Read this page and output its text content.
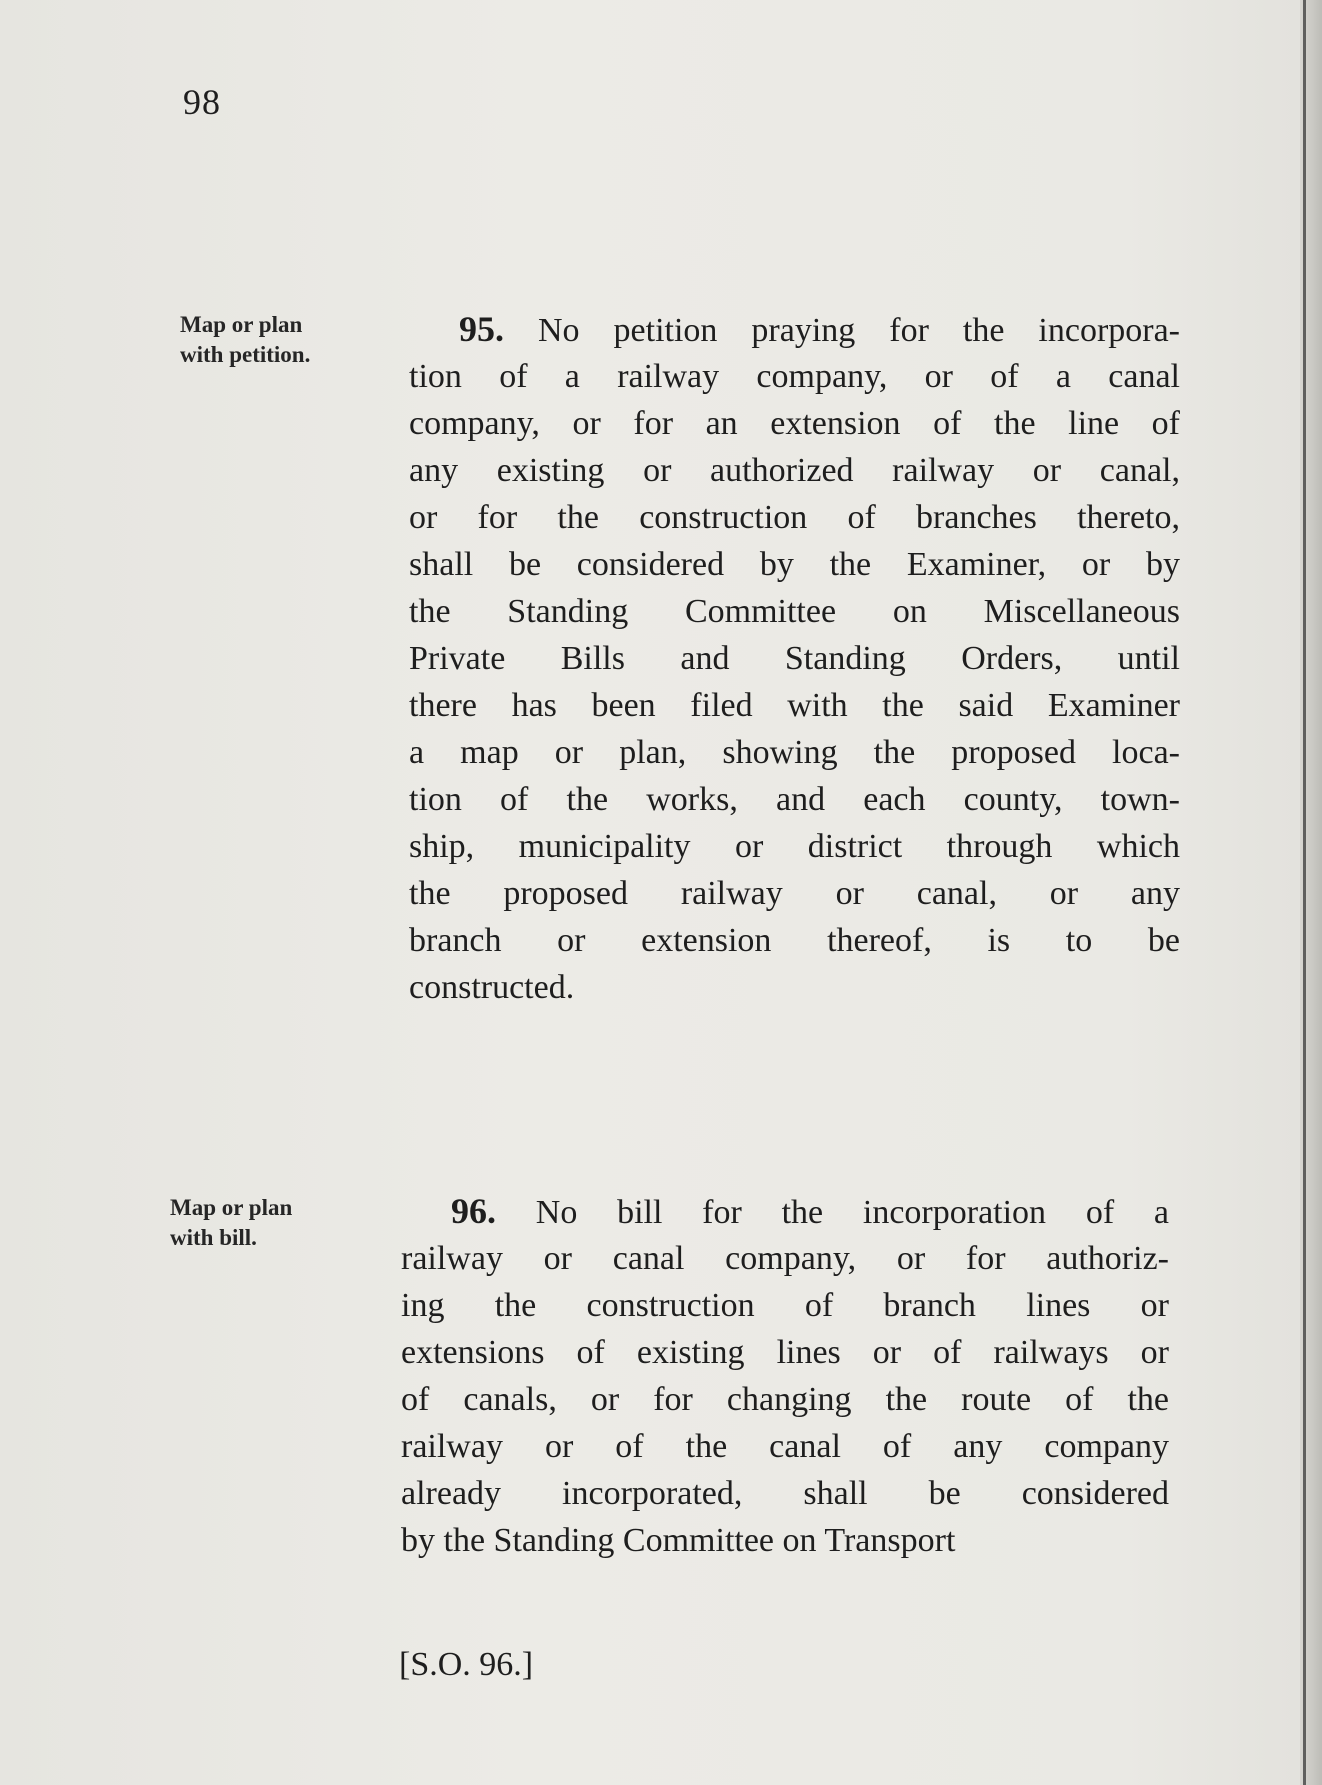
98
Map or plan
with petition.
95. No petition praying for the incorpora-
tion of a railway company, or of a canal
company, or for an extension of the line of
any existing or authorized railway or canal,
or for the construction of branches thereto,
shall be considered by the Examiner, or by
the Standing Committee on Miscellaneous
Private Bills and Standing Orders, until
there has been filed with the said Examiner
a map or plan, showing the proposed loca-
tion of the works, and each county, town-
ship, municipality or district through which
the proposed railway or canal, or any
branch or extension thereof, is to be
constructed.
Map or plan
with bill.
96. No bill for the incorporation of a
railway or canal company, or for authoriz-
ing the construction of branch lines or
extensions of existing lines or of railways or
of canals, or for changing the route of the
railway or of the canal of any company
already incorporated, shall be considered
by the Standing Committee on Transport
[S.O. 96.]
